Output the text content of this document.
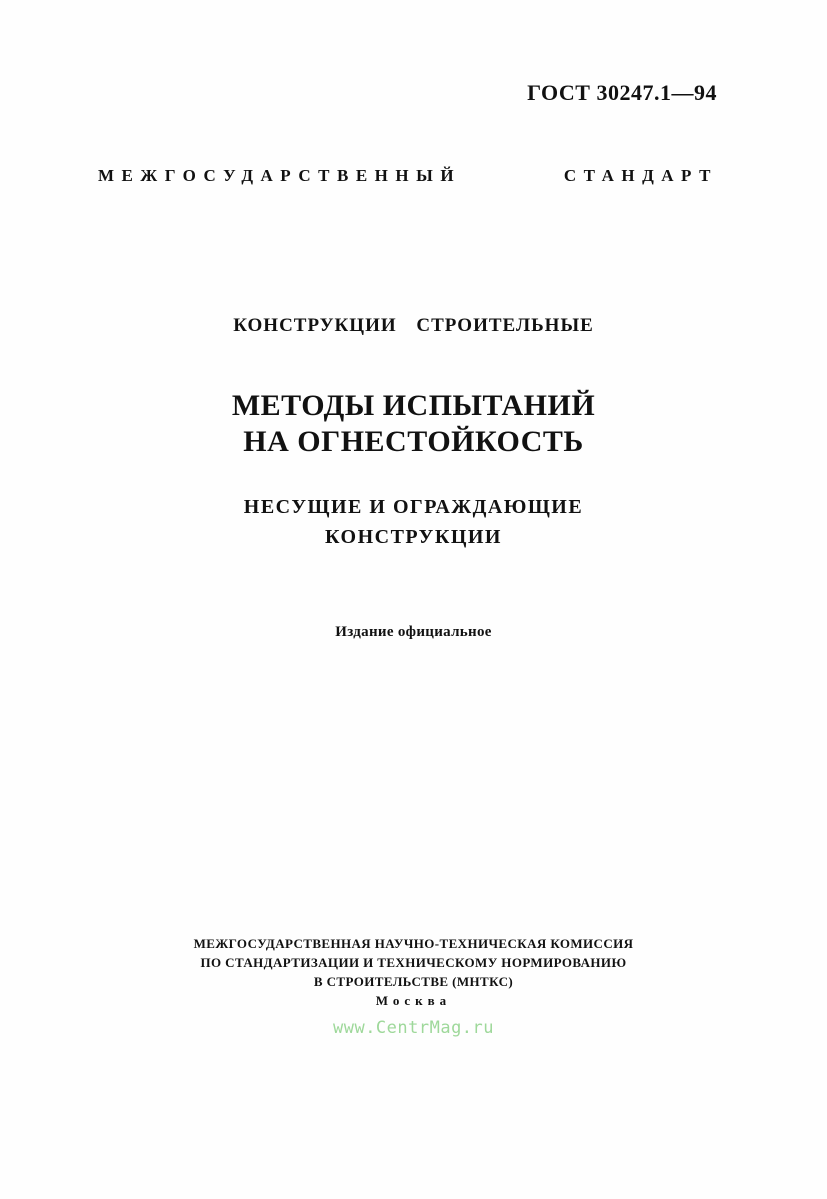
ГОСТ 30247.1—94
МЕЖГОСУДАРСТВЕННЫЙ	СТАНДАРТ
КОНСТРУКЦИИ СТРОИТЕЛЬНЫЕ
МЕТОДЫ ИСПЫТАНИЙ
НА ОГНЕСТОЙКОСТЬ
НЕСУЩИЕ И ОГРАЖДАЮЩИЕ
КОНСТРУКЦИИ
Издание официальное
МЕЖГОСУДАРСТВЕННАЯ НАУЧНО-ТЕХНИЧЕСКАЯ КОМИССИЯ
ПО СТАНДАРТИЗАЦИИ И ТЕХНИЧЕСКОМУ НОРМИРОВАНИЮ
В СТРОИТЕЛЬСТВЕ (МНТКС)
Москва
www.CentrMag.ru
